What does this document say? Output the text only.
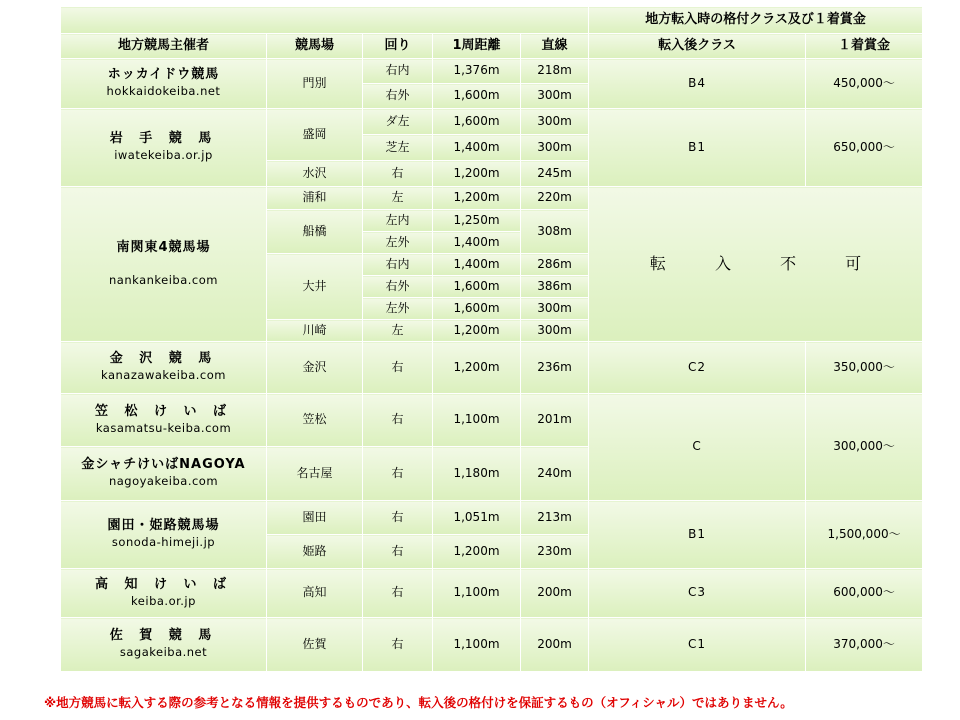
					地方転入時の格付クラス及び１着賞金	
地方競馬主催者	競馬場	回り	1周距離	直線	転入後クラス	１着賞金

ホッカイドウ競馬
hokkaidokeiba.net	門別	右内	1,376m	218m	B4	450,000～
		右外	1,600m	300m		

岩 手 競 馬
iwatekeiba.or.jp	盛岡	ダ左	1,600m	300m	B1	650,000～
		芝左	1,400m	300m		
	水沢	右	1,200m	245m		

南関東4競馬場
nankankeiba.com	浦和	左	1,200m	220m	転 入 不 可	
	船橋	左内	1,250m	308m		
		左外	1,400m			
	大井	右内	1,400m	286m		
		右外	1,600m	386m		
		左外	1,600m	300m		
	川崎	左	1,200m	300m		

金 沢 競 馬
kanazawakeiba.com	金沢	右	1,200m	236m	C2	350,000～

笠 松 け い ば
kasamatsu-keiba.com	笠松	右	1,100m	201m	C	300,000～

金シャチけいばNAGOYA
nagoyakeiba.com	名古屋	右	1,180m	240m		

園田・姫路競馬場
sonoda-himeji.jp	園田	右	1,051m	213m	B1	1,500,000～
	姫路	右	1,200m	230m		

高 知 け い ば
keiba.or.jp	高知	右	1,100m	200m	C3	600,000～

佐 賀 競 馬
sagakeiba.net	佐賀	右	1,100m	200m	C1	370,000～
※地方競馬に転入する際の参考となる情報を提供するものであり、転入後の格付けを保証するもの（オフィシャル）ではありません。
